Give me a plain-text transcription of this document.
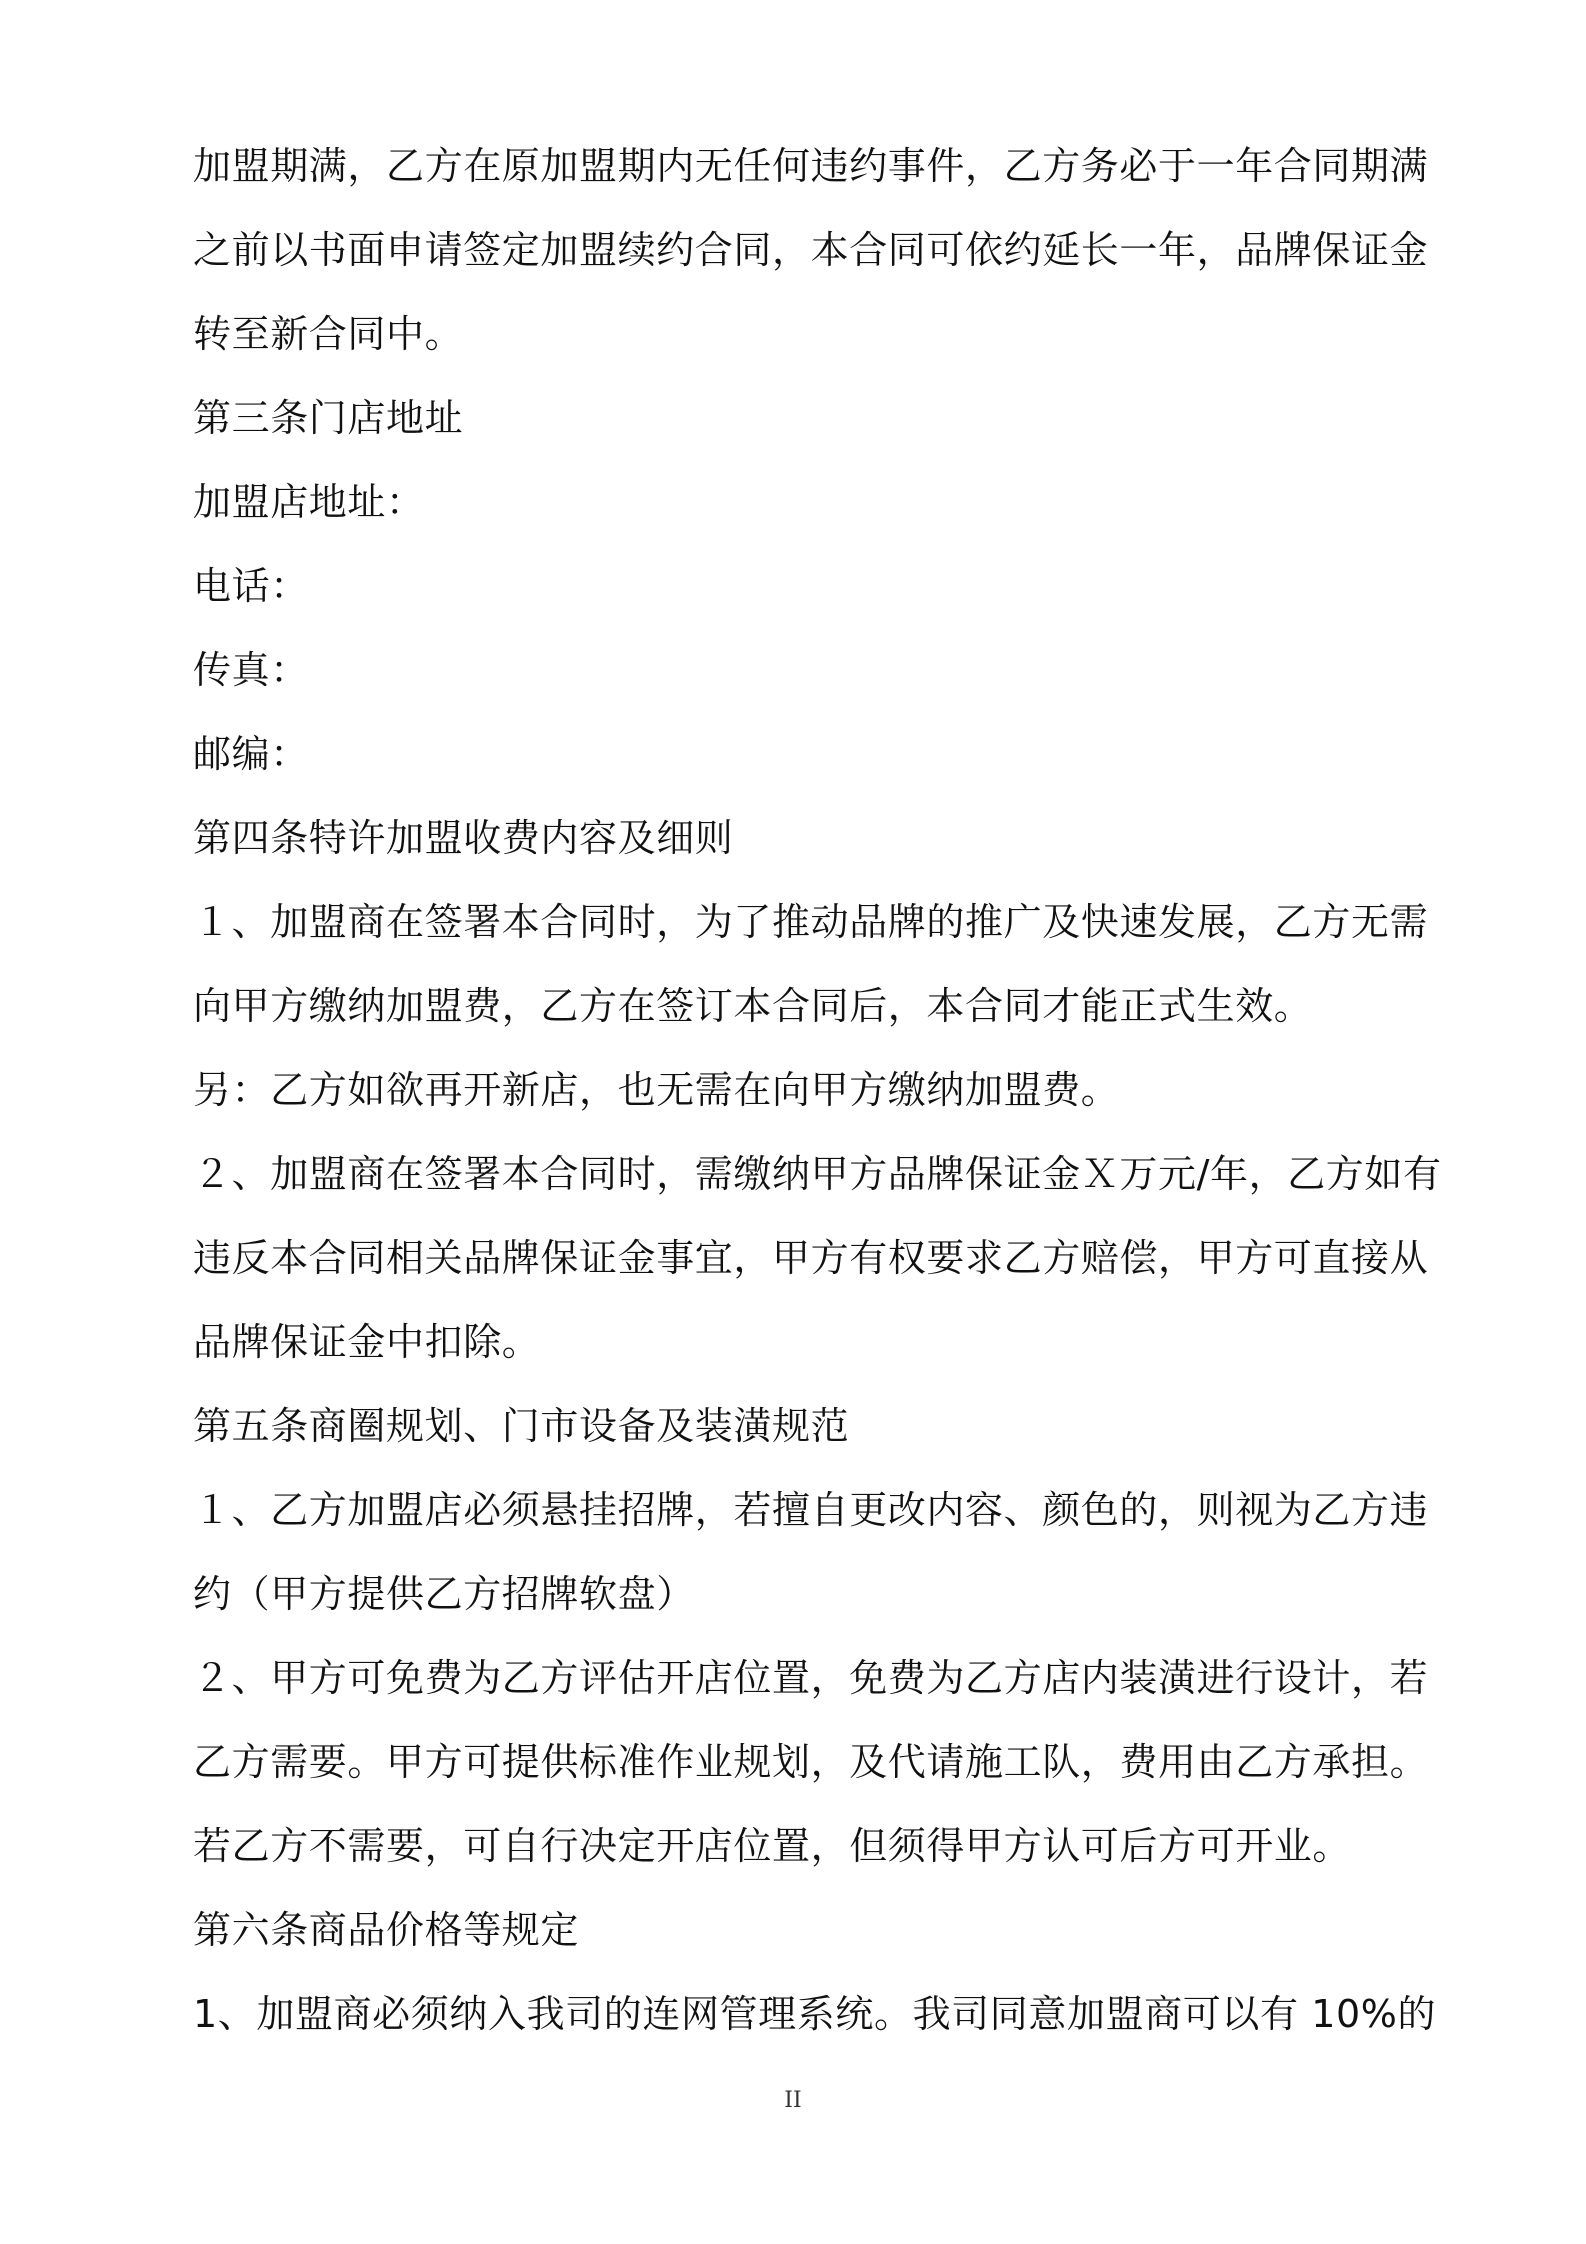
加盟期满，乙方在原加盟期内无任何违约事件，乙方务必于一年合同期满
之前以书面申请签定加盟续约合同，本合同可依约延长一年，品牌保证金
转至新合同中。
第三条门店地址
加盟店地址：
电话：
传真：
邮编：
第四条特许加盟收费内容及细则
１、加盟商在签署本合同时，为了推动品牌的推广及快速发展，乙方无需
向甲方缴纳加盟费，乙方在签订本合同后，本合同才能正式生效。
另：乙方如欲再开新店，也无需在向甲方缴纳加盟费。
２、加盟商在签署本合同时，需缴纳甲方品牌保证金Ｘ万元/年，乙方如有
违反本合同相关品牌保证金事宜，甲方有权要求乙方赔偿，甲方可直接从
品牌保证金中扣除。
第五条商圈规划、门市设备及装潢规范
１、乙方加盟店必须悬挂招牌，若擅自更改内容、颜色的，则视为乙方违
约（甲方提供乙方招牌软盘）
２、甲方可免费为乙方评估开店位置，免费为乙方店内装潢进行设计，若
乙方需要。甲方可提供标准作业规划，及代请施工队，费用由乙方承担。
若乙方不需要，可自行决定开店位置，但须得甲方认可后方可开业。
第六条商品价格等规定
1、加盟商必须纳入我司的连网管理系统。我司同意加盟商可以有 10%的
II
